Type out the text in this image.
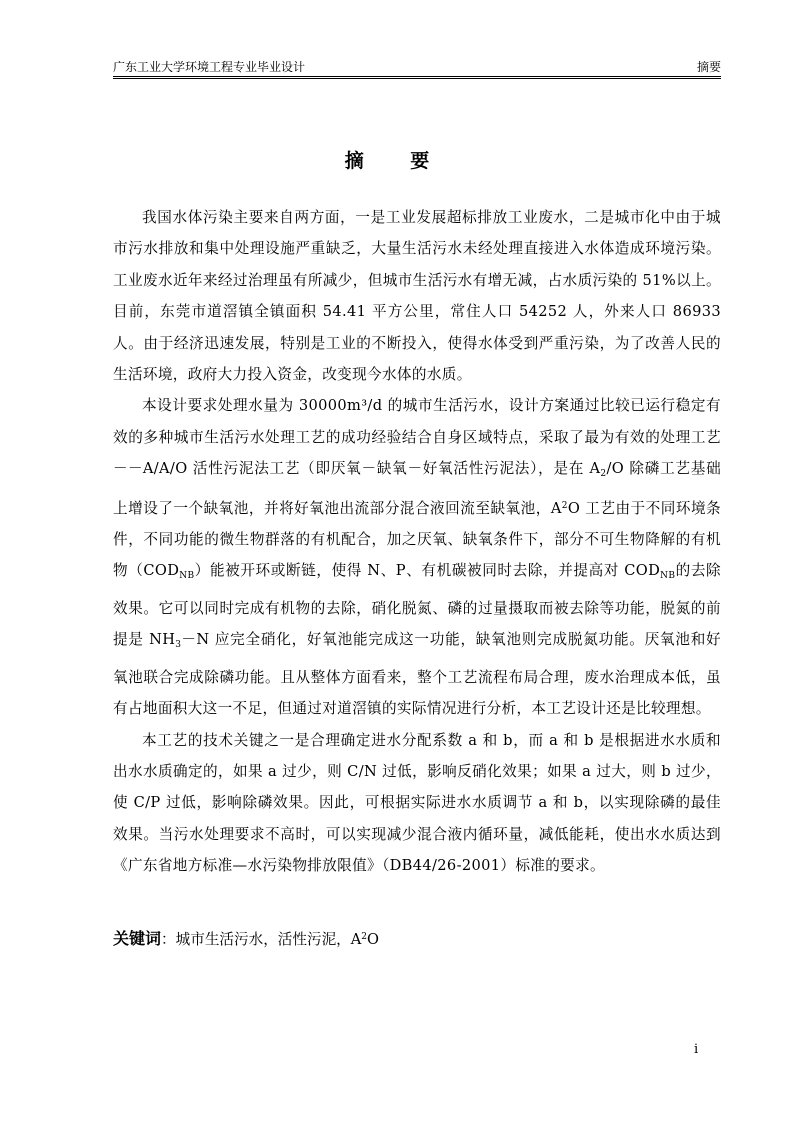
广东工业大学环境工程专业毕业设计	摘要
摘 要

我国水体污染主要来自两方面，一是工业发展超标排放工业废水，二是城市化中由于城市污水排放和集中处理设施严重缺乏，大量生活污水未经处理直接进入水体造成环境污染。工业废水近年来经过治理虽有所减少，但城市生活污水有增无减，占水质污染的 51%以上。目前，东莞市道滘镇全镇面积 54.41 平方公里，常住人口 54252 人，外来人口 86933 人。由于经济迅速发展，特别是工业的不断投入，使得水体受到严重污染，为了改善人民的生活环境，政府大力投入资金，改变现今水体的水质。

本设计要求处理水量为 30000m³/d 的城市生活污水，设计方案通过比较已运行稳定有效的多种城市生活污水处理工艺的成功经验结合自身区域特点，采取了最为有效的处理工艺－－A/A/O 活性污泥法工艺（即厌氧－缺氧－好氧活性污泥法），是在 $A_2/O$ 除磷工艺基础上增设了一个缺氧池，并将好氧池出流部分混合液回流至缺氧池，$A^2O$ 工艺由于不同环境条件，不同功能的微生物群落的有机配合，加之厌氧、缺氧条件下，部分不可生物降解的有机物$(COD_{NB})$能被开环或断链，使得 N、P、有机碳被同时去除，并提高对 $COD_{NB}$的去除效果。它可以同时完成有机物的去除，硝化脱氮、磷的过量摄取而被去除等功能，脱氮的前提是 $NH_3-N$ 应完全硝化，好氧池能完成这一功能，缺氧池则完成脱氮功能。厌氧池和好氧池联合完成除磷功能。且从整体方面看来，整个工艺流程布局合理，废水治理成本低，虽有占地面积大这一不足，但通过对道滘镇的实际情况进行分析，本工艺设计还是比较理想。

本工艺的技术关键之一是合理确定进水分配系数 a 和 b，而 a 和 b 是根据进水水质和出水水质确定的，如果 a 过少，则 C/N 过低，影响反硝化效果；如果 a 过大，则 b 过少，使 C/P 过低，影响除磷效果。因此，可根据实际进水水质调节 a 和 b，以实现除磷的最佳效果。当污水处理要求不高时，可以实现减少混合液内循环量，减低能耗，使出水水质达到《广东省地方标准—水污染物排放限值》（DB44/26-2001）标准的要求。

关键词：城市生活污水，活性污泥，$A^2O$
i
